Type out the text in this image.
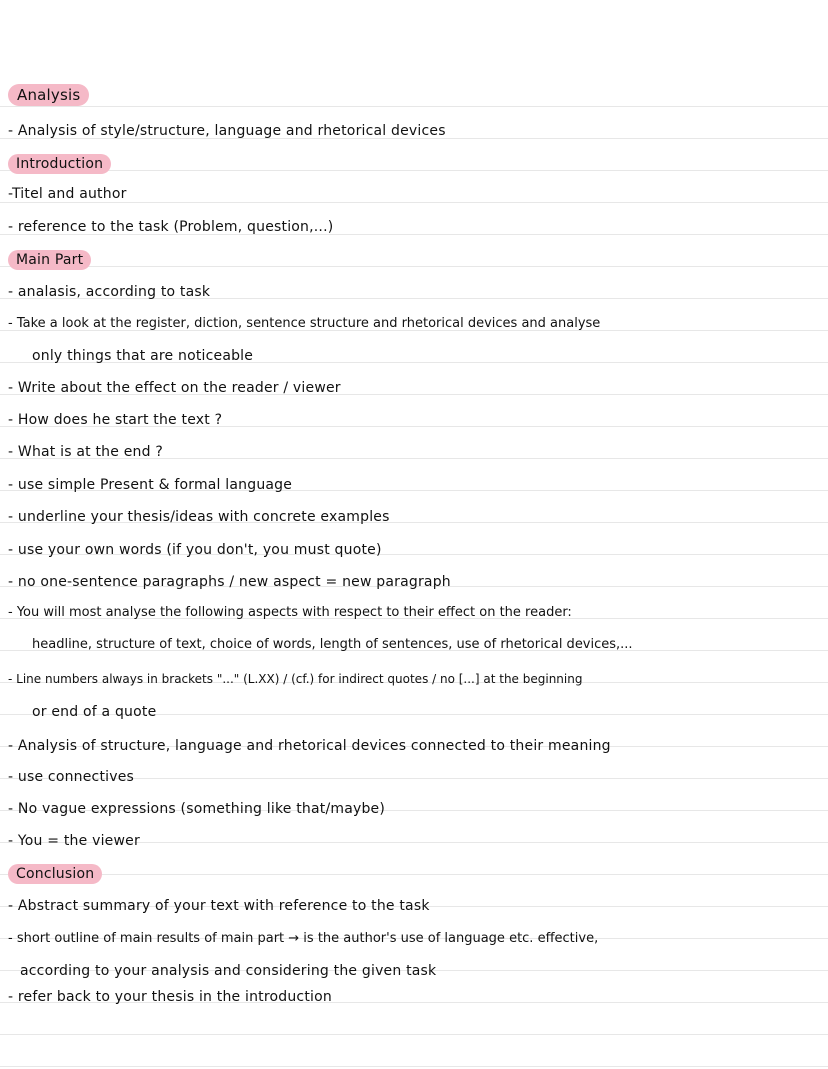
Analysis
- Analysis of style/structure, language and rhetorical devices
Introduction
-Titel and author
- reference to the task (Problem, question,...)
Main Part
- analasis, according to task
- Take a look at the register, diction, sentence structure and rhetorical devices and analyse
only things that are noticeable
- Write about the effect on the reader / viewer
- How does he start the text ?
- What is at the end ?
- use simple Present & formal language
- underline your thesis/ideas with concrete examples
- use your own words (if you don't, you must quote)
- no one-sentence paragraphs / new aspect = new paragraph
- You will most analyse the following aspects with respect to their effect on the reader:
headline, structure of text, choice of words, length of sentences, use of rhetorical devices,...
- Line numbers always in brackets "..." (L.XX) / (cf.) for indirect quotes / no [...] at the beginning
or end of a quote
- Analysis of structure, language and rhetorical devices connected to their meaning
- use connectives
- No vague expressions (something like that/maybe)
- You = the viewer
Conclusion
- Abstract summary of your text with reference to the task
- short outline of main results of main part → is the author's use of language etc. effective,
according to your analysis and considering the given task
- refer back to your thesis in the introduction
